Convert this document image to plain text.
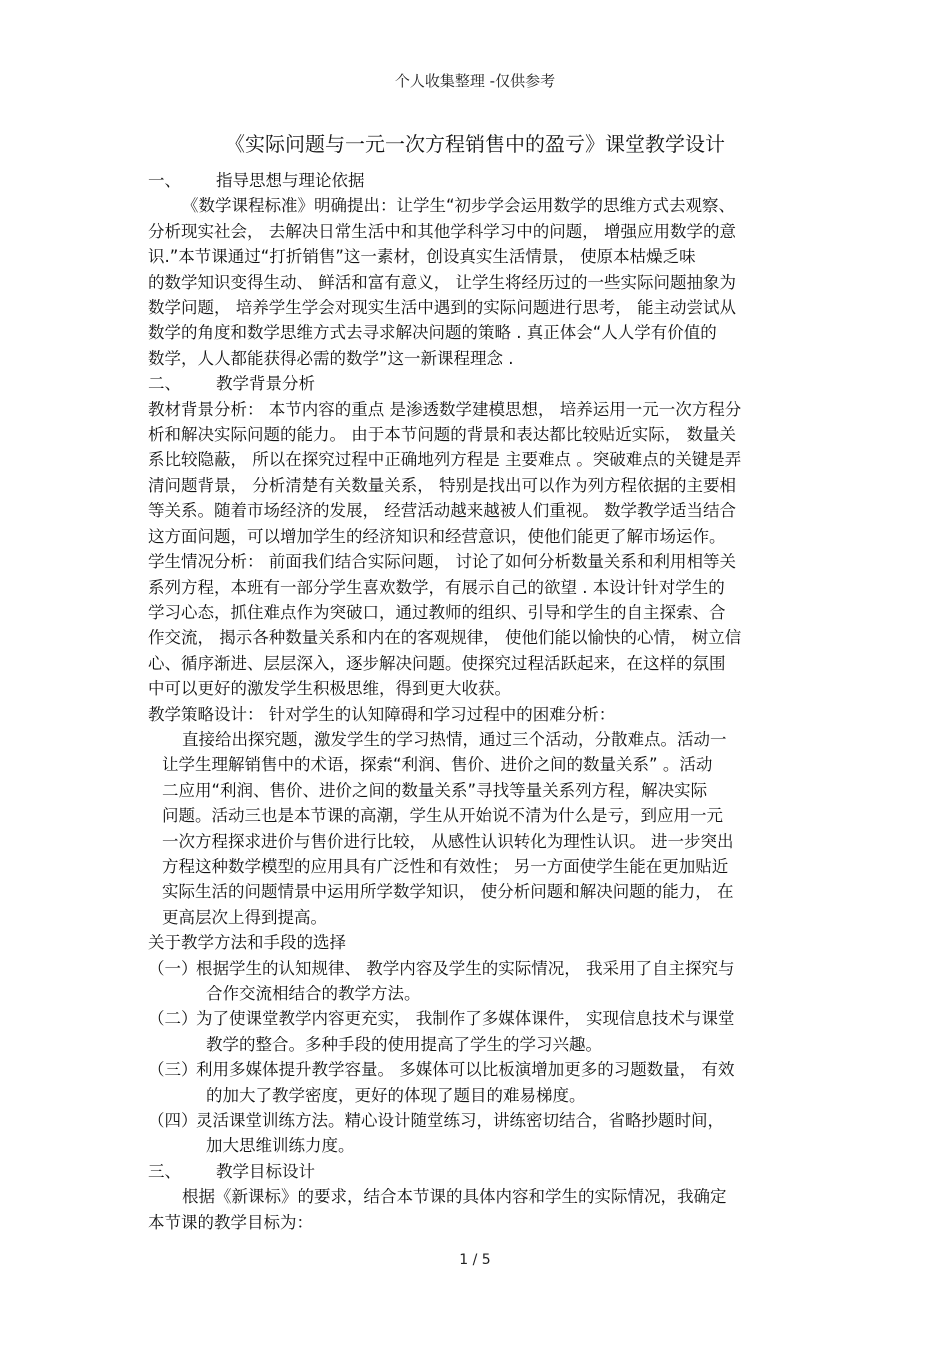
个人收集整理 -仅供参考
《实际问题与一元一次方程销售中的盈亏》课堂教学设计

一、 指导思想与理论依据

《数学课程标准》明确提出：让学生“初步学会运用数学的思维方式去观察、

分析现实社会， 去解决日常生活中和其他学科学习中的问题， 增强应用数学的意

识.”本节课通过“打折销售”这一素材，创设真实生活情景， 使原本枯燥乏味

的数学知识变得生动、 鲜活和富有意义， 让学生将经历过的一些实际问题抽象为

数学问题， 培养学生学会对现实生活中遇到的实际问题进行思考， 能主动尝试从

数学的角度和数学思维方式去寻求解决问题的策略 . 真正体会“人人学有价值的

数学，人人都能获得必需的数学”这一新课程理念 .

二、 教学背景分析

教材背景分析： 本节内容的重点 是渗透数学建模思想， 培养运用一元一次方程分

析和解决实际问题的能力。 由于本节问题的背景和表达都比较贴近实际， 数量关

系比较隐蔽， 所以在探究过程中正确地列方程是 主要难点 。突破难点的关键是弄

清问题背景， 分析清楚有关数量关系， 特别是找出可以作为列方程依据的主要相

等关系。随着市场经济的发展， 经营活动越来越被人们重视。 数学教学适当结合

这方面问题，可以增加学生的经济知识和经营意识，使他们能更了解市场运作。

学生情况分析： 前面我们结合实际问题， 讨论了如何分析数量关系和利用相等关

系列方程，本班有一部分学生喜欢数学，有展示自己的欲望 . 本设计针对学生的

学习心态，抓住难点作为突破口，通过教师的组织、引导和学生的自主探索、合

作交流， 揭示各种数量关系和内在的客观规律， 使他们能以愉快的心情， 树立信

心、循序渐进、层层深入，逐步解决问题。使探究过程活跃起来，在这样的氛围

中可以更好的激发学生积极思维，得到更大收获。

教学策略设计： 针对学生的认知障碍和学习过程中的困难分析：

直接给出探究题，激发学生的学习热情，通过三个活动，分散难点。活动一

让学生理解销售中的术语，探索“利润、售价、进价之间的数量关系” 。活动

二应用“利润、售价、进价之间的数量关系”寻找等量关系列方程，解决实际

问题。活动三也是本节课的高潮，学生从开始说不清为什么是亏，到应用一元

一次方程探求进价与售价进行比较， 从感性认识转化为理性认识。 进一步突出

方程这种数学模型的应用具有广泛性和有效性； 另一方面使学生能在更加贴近

实际生活的问题情景中运用所学数学知识， 使分析问题和解决问题的能力， 在

更高层次上得到提高。

关于教学方法和手段的选择

（一）根据学生的认知规律、 教学内容及学生的实际情况， 我采用了自主探究与

合作交流相结合的教学方法。

（二）为了使课堂教学内容更充实， 我制作了多媒体课件， 实现信息技术与课堂

教学的整合。多种手段的使用提高了学生的学习兴趣。

（三）利用多媒体提升教学容量。 多媒体可以比板演增加更多的习题数量， 有效

的加大了教学密度，更好的体现了题目的难易梯度。

（四）灵活课堂训练方法。精心设计随堂练习，讲练密切结合，省略抄题时间，

加大思维训练力度。

三、 教学目标设计

根据《新课标》的要求，结合本节课的具体内容和学生的实际情况，我确定

本节课的教学目标为：

1 / 5
